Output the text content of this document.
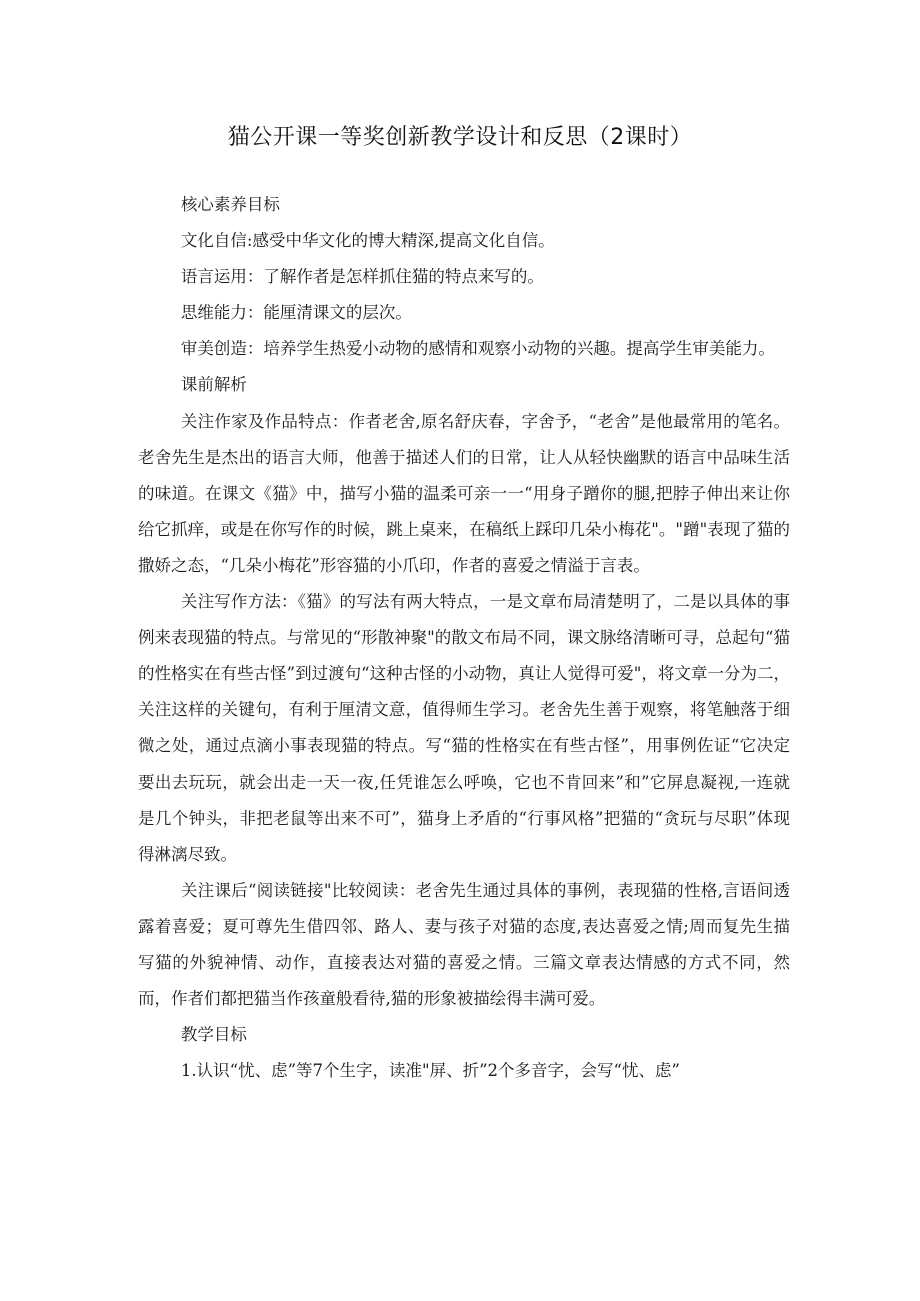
猫公开课一等奖创新教学设计和反思（2课时）

核心素养目标

文化自信:感受中华文化的博大精深,提高文化自信。

语言运用：了解作者是怎样抓住猫的特点来写的。

思维能力：能厘清课文的层次。

审美创造：培养学生热爱小动物的感情和观察小动物的兴趣。提高学生审美能力。

课前解析

关注作家及作品特点：作者老舍,原名舒庆春，字舍予，“老舍”是他最常用的笔名。老舍先生是杰出的语言大师，他善于描述人们的日常，让人从轻快幽默的语言中品味生活的味道。在课文《猫》中，描写小猫的温柔可亲一一“用身子蹭你的腿,把脖子伸出来让你给它抓痒，或是在你写作的时候，跳上桌来，在稿纸上踩印几朵小梅花"。"蹭"表现了猫的撒娇之态，“几朵小梅花”形容猫的小爪印，作者的喜爱之情溢于言表。

关注写作方法：《猫》的写法有两大特点，一是文章布局清楚明了，二是以具体的事例来表现猫的特点。与常见的“形散神聚"的散文布局不同，课文脉络清晰可寻，总起句“猫的性格实在有些古怪”到过渡句“这种古怪的小动物，真让人觉得可爱"，将文章一分为二，关注这样的关键句，有利于厘清文意，值得师生学习。老舍先生善于观察，将笔触落于细微之处，通过点滴小事表现猫的特点。写“猫的性格实在有些古怪”，用事例佐证“它决定要出去玩玩，就会出走一天一夜,任凭谁怎么呼唤，它也不肯回来”和”它屏息凝视,一连就是几个钟头，非把老鼠等出来不可”，猫身上矛盾的“行事风格”把猫的“贪玩与尽职”体现得淋漓尽致。

关注课后“阅读链接"比较阅读：老舍先生通过具体的事例，表现猫的性格,言语间透露着喜爱；夏可尊先生借四邻、路人、妻与孩子对猫的态度,表达喜爱之情;周而复先生描写猫的外貌神情、动作，直接表达对猫的喜爱之情。三篇文章表达情感的方式不同，然而，作者们都把猫当作孩童般看待,猫的形象被描绘得丰满可爱。

教学目标

1.认识“忧、虑”等7个生字，读准"屏、折”2个多音字，会写“忧、虑”
